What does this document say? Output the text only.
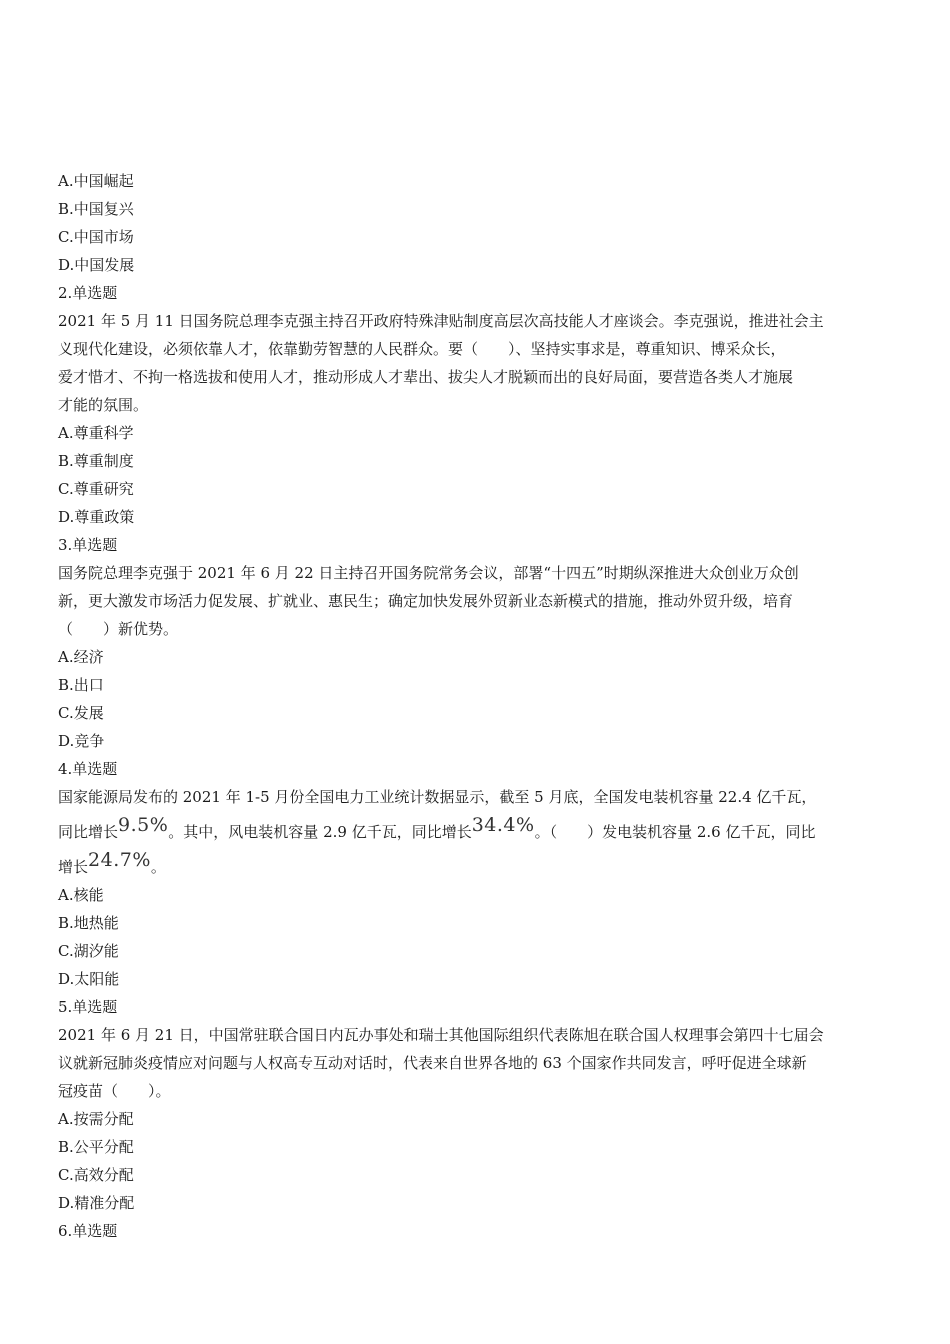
A.中国崛起
B.中国复兴
C.中国市场
D.中国发展
2.单选题
2021 年 5 月 11 日国务院总理李克强主持召开政府特殊津贴制度高层次高技能人才座谈会。李克强说，推进社会主
义现代化建设，必须依靠人才，依靠勤劳智慧的人民群众。要（　　）、坚持实事求是，尊重知识、博采众长，
爱才惜才、不拘一格选拔和使用人才，推动形成人才辈出、拔尖人才脱颖而出的良好局面，要营造各类人才施展
才能的氛围。
A.尊重科学
B.尊重制度
C.尊重研究
D.尊重政策
3.单选题
国务院总理李克强于 2021 年 6 月 22 日主持召开国务院常务会议，部署“十四五”时期纵深推进大众创业万众创
新，更大激发市场活力促发展、扩就业、惠民生；确定加快发展外贸新业态新模式的措施，推动外贸升级，培育
（　　）新优势。
A.经济
B.出口
C.发展
D.竞争
4.单选题
国家能源局发布的 2021 年 1-5 月份全国电力工业统计数据显示，截至 5 月底，全国发电装机容量 22.4 亿千瓦，
同比增长9.5%。其中，风电装机容量 2.9 亿千瓦，同比增长34.4%。（　　）发电装机容量 2.6 亿千瓦，同比
增长24.7%。
A.核能
B.地热能
C.湖汐能
D.太阳能
5.单选题
2021 年 6 月 21 日，中国常驻联合国日内瓦办事处和瑞士其他国际组织代表陈旭在联合国人权理事会第四十七届会
议就新冠肺炎疫情应对问题与人权高专互动对话时，代表来自世界各地的 63 个国家作共同发言，呼吁促进全球新
冠疫苗（　　）。
A.按需分配
B.公平分配
C.高效分配
D.精准分配
6.单选题
